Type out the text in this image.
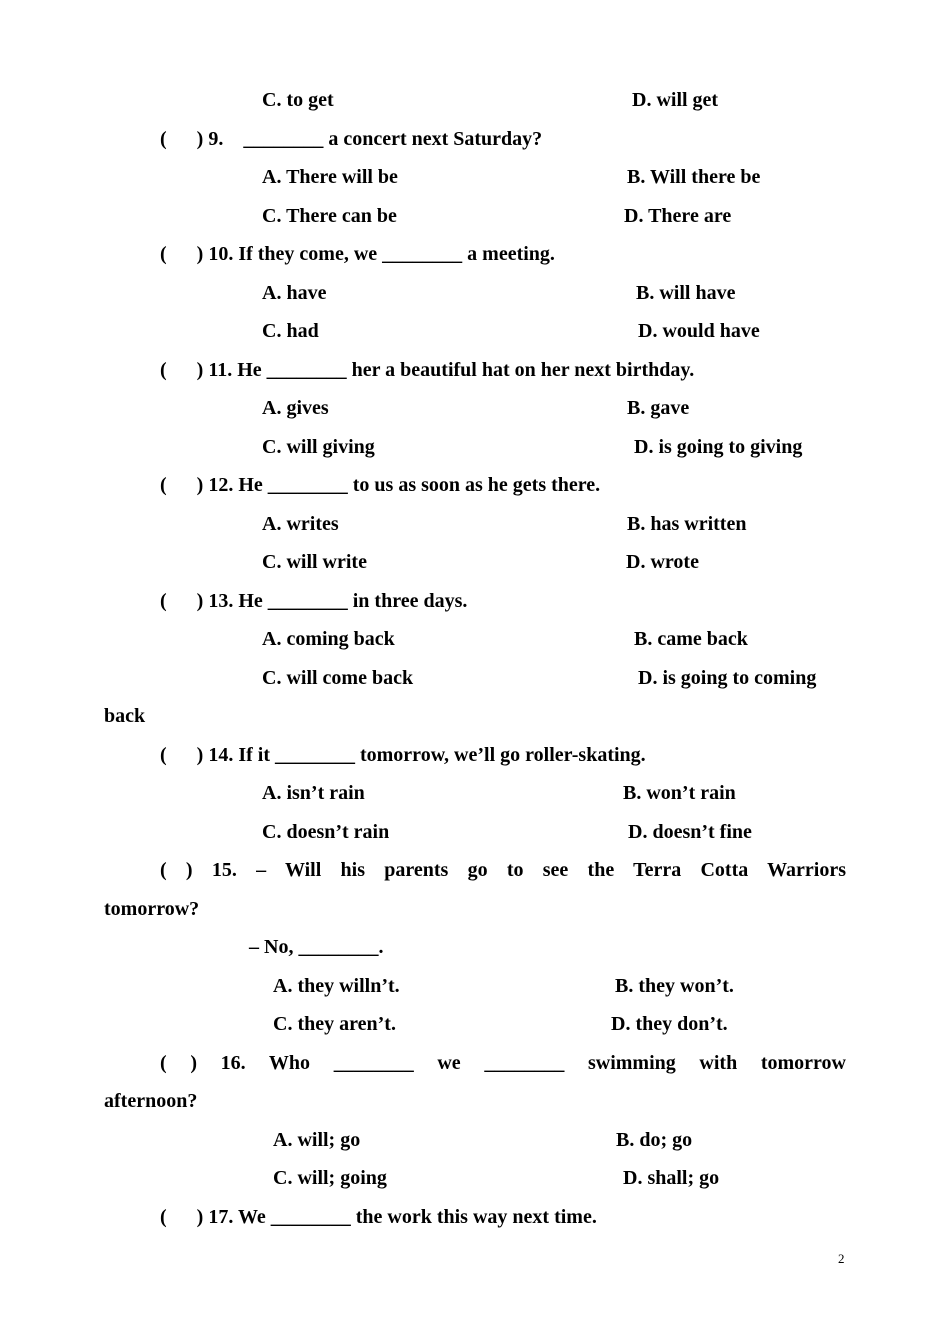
C. to get	D. will get
(      ) 9.    ________ a concert next Saturday?
A. There will be	B. Will there be
C. There can be	D. There are
(      ) 10. If they come, we ________ a meeting.
A. have	B. will have
C. had	D. would have
(      ) 11. He ________ her a beautiful hat on her next birthday.
A. gives	B. gave
C. will giving	D. is going to giving
(      ) 12. He ________ to us as soon as he gets there.
A. writes	B. has written
C. will write	D. wrote
(      ) 13. He ________ in three days.
A. coming back	B. came back
C. will come back	D. is going to coming
back
(      ) 14. If it ________ tomorrow, we’ll go roller-skating.
A. isn’t rain	B. won’t rain
C. doesn’t rain	D. doesn’t fine
( ) 15. – Will his parents go to see the Terra Cotta Warriors
tomorrow?
– No, ________.
A. they willn’t.	B. they won’t.
C. they aren’t.	D. they don’t.
( ) 16. Who ________ we ________ swimming with tomorrow
afternoon?
A. will; go	B. do; go
C. will; going	D. shall; go
(      ) 17. We ________ the work this way next time.
2
